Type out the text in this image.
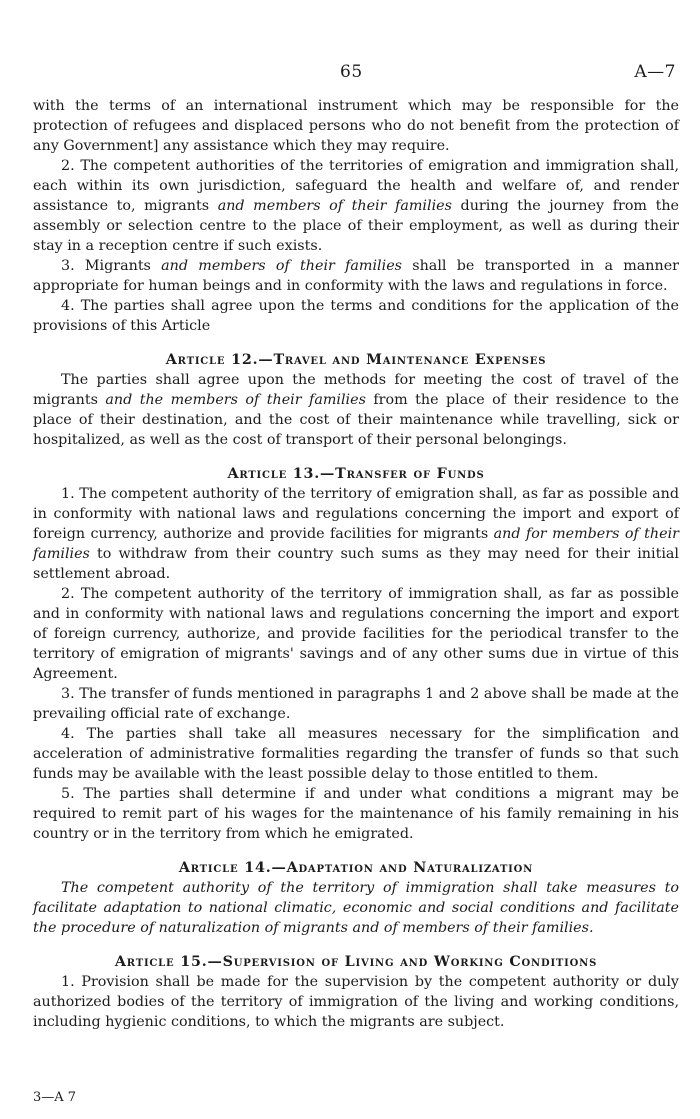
65	A—7

with the terms of an international instrument which may be responsible for the protection of refugees and displaced persons who do not benefit from the protection of any Government] any assistance which they may require.

2. The competent authorities of the territories of emigration and immigration shall, each within its own jurisdiction, safeguard the health and welfare of, and render assistance to, migrants and members of their families during the journey from the assembly or selection centre to the place of their employment, as well as during their stay in a reception centre if such exists.

3. Migrants and members of their families shall be transported in a manner appropriate for human beings and in conformity with the laws and regulations in force.

4. The parties shall agree upon the terms and conditions for the application of the provisions of this Article

Article 12.—Travel and Maintenance Expenses

The parties shall agree upon the methods for meeting the cost of travel of the migrants and the members of their families from the place of their residence to the place of their destination, and the cost of their maintenance while travelling, sick or hospitalized, as well as the cost of transport of their personal belongings.

Article 13.—Transfer of Funds

1. The competent authority of the territory of emigration shall, as far as possible and in conformity with national laws and regulations concerning the import and export of foreign currency, authorize and provide facilities for migrants and for members of their families to withdraw from their country such sums as they may need for their initial settlement abroad.

2. The competent authority of the territory of immigration shall, as far as possible and in conformity with national laws and regulations concerning the import and export of foreign currency, authorize, and provide facilities for the periodical transfer to the territory of emigration of migrants' savings and of any other sums due in virtue of this Agreement.

3. The transfer of funds mentioned in paragraphs 1 and 2 above shall be made at the prevailing official rate of exchange.

4. The parties shall take all measures necessary for the simplification and acceleration of administrative formalities regarding the transfer of funds so that such funds may be available with the least possible delay to those entitled to them.

5. The parties shall determine if and under what conditions a migrant may be required to remit part of his wages for the maintenance of his family remaining in his country or in the territory from which he emigrated.

Article 14.—Adaptation and Naturalization

The competent authority of the territory of immigration shall take measures to facilitate adaptation to national climatic, economic and social conditions and facilitate the procedure of naturalization of migrants and of members of their families.

Article 15.—Supervision of Living and Working Conditions

1. Provision shall be made for the supervision by the competent authority or duly authorized bodies of the territory of immigration of the living and working conditions, including hygienic conditions, to which the migrants are subject.

3—A 7
